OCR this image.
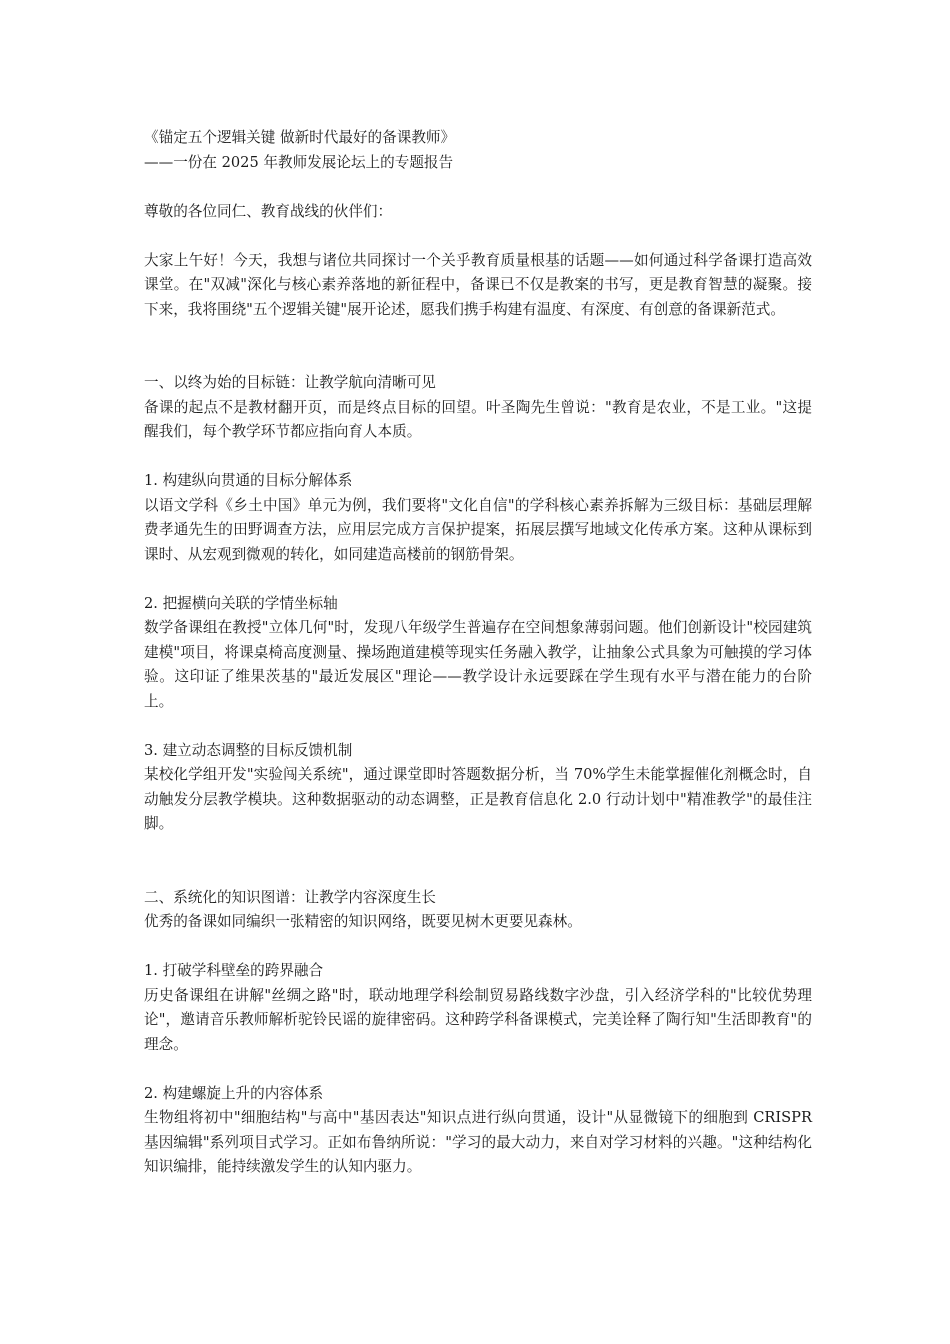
《锚定五个逻辑关键 做新时代最好的备课教师》

——一份在 2025 年教师发展论坛上的专题报告

尊敬的各位同仁、教育战线的伙伴们：

大家上午好！今天，我想与诸位共同探讨一个关乎教育质量根基的话题——如何通过科学备课打造高效课堂。在"双减"深化与核心素养落地的新征程中，备课已不仅是教案的书写，更是教育智慧的凝聚。接下来，我将围绕"五个逻辑关键"展开论述，愿我们携手构建有温度、有深度、有创意的备课新范式。

一、以终为始的目标链：让教学航向清晰可见

备课的起点不是教材翻开页，而是终点目标的回望。叶圣陶先生曾说："教育是农业，不是工业。"这提醒我们，每个教学环节都应指向育人本质。

1. 构建纵向贯通的目标分解体系

以语文学科《乡土中国》单元为例，我们要将"文化自信"的学科核心素养拆解为三级目标：基础层理解费孝通先生的田野调查方法，应用层完成方言保护提案，拓展层撰写地域文化传承方案。这种从课标到课时、从宏观到微观的转化，如同建造高楼前的钢筋骨架。

2. 把握横向关联的学情坐标轴

数学备课组在教授"立体几何"时，发现八年级学生普遍存在空间想象薄弱问题。他们创新设计"校园建筑建模"项目，将课桌椅高度测量、操场跑道建模等现实任务融入教学，让抽象公式具象为可触摸的学习体验。这印证了维果茨基的"最近发展区"理论——教学设计永远要踩在学生现有水平与潜在能力的台阶上。

3. 建立动态调整的目标反馈机制

某校化学组开发"实验闯关系统"，通过课堂即时答题数据分析，当 70%学生未能掌握催化剂概念时，自动触发分层教学模块。这种数据驱动的动态调整，正是教育信息化 2.0 行动计划中"精准教学"的最佳注脚。

二、系统化的知识图谱：让教学内容深度生长

优秀的备课如同编织一张精密的知识网络，既要见树木更要见森林。

1. 打破学科壁垒的跨界融合

历史备课组在讲解"丝绸之路"时，联动地理学科绘制贸易路线数字沙盘，引入经济学科的"比较优势理论"，邀请音乐教师解析驼铃民谣的旋律密码。这种跨学科备课模式，完美诠释了陶行知"生活即教育"的理念。

2. 构建螺旋上升的内容体系

生物组将初中"细胞结构"与高中"基因表达"知识点进行纵向贯通，设计"从显微镜下的细胞到 CRISPR 基因编辑"系列项目式学习。正如布鲁纳所说："学习的最大动力，来自对学习材料的兴趣。"这种结构化知识编排，能持续激发学生的认知内驱力。
